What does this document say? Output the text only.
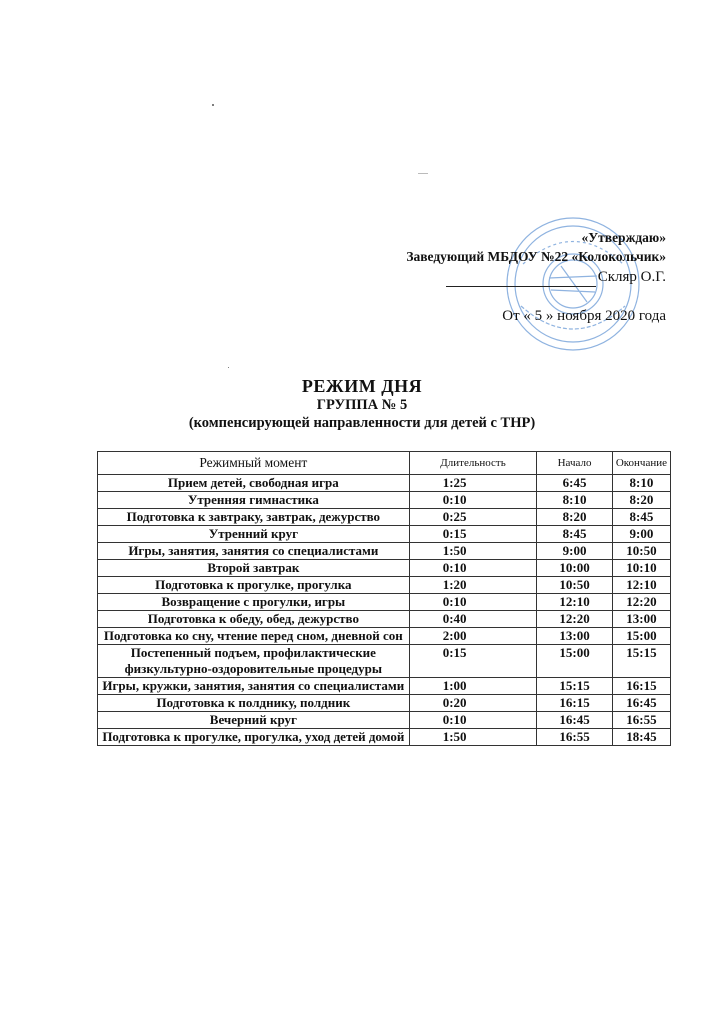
«Утверждаю»
Заведующий МБДОУ №22 «Колокольчик»
Скляр О.Г.
От « 5 » ноября 2020 года
РЕЖИМ ДНЯ
ГРУППА № 5
(компенсирующей направленности для детей с ТНР)
Режимный момент	Длительность	Начало	Окончание
Прием детей, свободная игра	1:25	6:45	8:10
Утренняя гимнастика	0:10	8:10	8:20
Подготовка к завтраку, завтрак, дежурство	0:25	8:20	8:45
Утренний круг	0:15	8:45	9:00
Игры, занятия, занятия со специалистами	1:50	9:00	10:50
Второй завтрак	0:10	10:00	10:10
Подготовка к прогулке, прогулка	1:20	10:50	12:10
Возвращение с прогулки, игры	0:10	12:10	12:20
Подготовка к обеду, обед, дежурство	0:40	12:20	13:00
Подготовка ко сну, чтение перед сном, дневной сон	2:00	13:00	15:00
Постепенный подъем, профилактические физкультурно-оздоровительные процедуры	0:15	15:00	15:15
Игры, кружки, занятия, занятия со специалистами	1:00	15:15	16:15
Подготовка к полднику, полдник	0:20	16:15	16:45
Вечерний круг	0:10	16:45	16:55
Подготовка к прогулке, прогулка, уход детей домой	1:50	16:55	18:45
